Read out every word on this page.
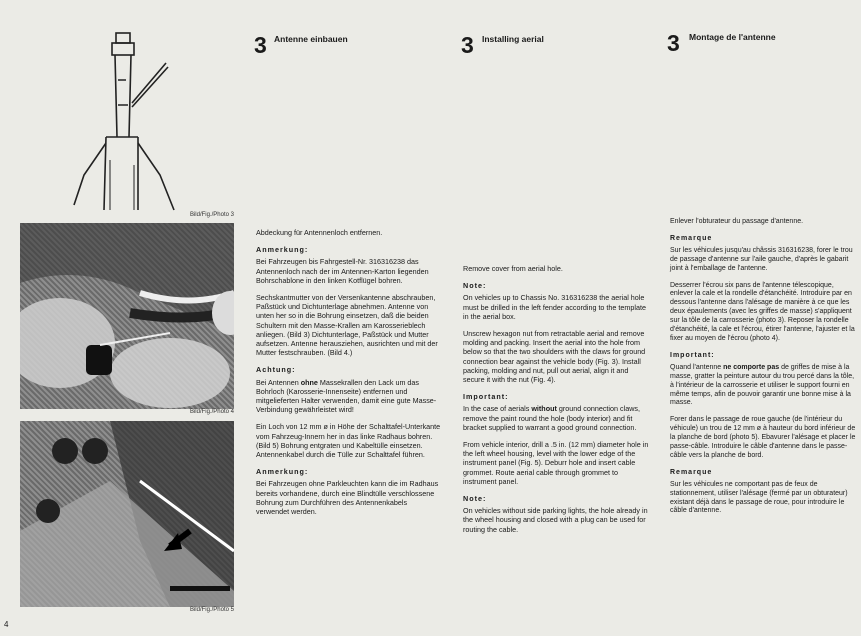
Bild/Fig./Photo 3
Bild/Fig./Photo 4
Bild/Fig./Photo 5
4
3 Antenne einbauen

Abdeckung für Antennenloch entfernen.

Anmerkung:

Bei Fahrzeugen bis Fahrgestell-Nr. 316316238 das Antennenloch nach der im Antennen-Karton liegenden Bohrschablone in den linken Kotflügel bohren.

Sechskantmutter von der Versenkantenne abschrauben, Paßstück und Dichtunterlage abnehmen. Antenne von unten her so in die Bohrung einsetzen, daß die beiden Schultern mit den Masse-Krallen am Karosserieblech anliegen. (Bild 3) Dichtunterlage, Paßstück und Mutter aufsetzen. Antenne herausziehen, ausrichten und mit der Mutter festschrauben. (Bild 4.)

Achtung:

Bei Antennen ohne Massekrallen den Lack um das Bohrloch (Karosserie-Innenseite) entfernen und mitgelieferten Halter verwenden, damit eine gute Masse-Verbindung gewährleistet wird!

Ein Loch von 12 mm ø in Höhe der Schalttafel-Unterkante vom Fahrzeug-Innern her in das linke Radhaus bohren. (Bild 5) Bohrung entgraten und Kabeltülle einsetzen. Antennenkabel durch die Tülle zur Schalttafel führen.

Anmerkung:

Bei Fahrzeugen ohne Parkleuchten kann die im Radhaus bereits vorhandene, durch eine Blindtülle verschlossene Bohrung zum Durchführen des Antennenkabels verwendet werden.

3 Installing aerial

Remove cover from aerial hole.

Note:

On vehicles up to Chassis No. 316316238 the aerial hole must be drilled in the left fender according to the template in the aerial box.

Unscrew hexagon nut from retractable aerial and remove molding and packing. Insert the aerial into the hole from below so that the two shoulders with the claws for ground connection bear against the vehicle body (Fig. 3). Install packing, molding and nut, pull out aerial, align it and secure it with the nut (Fig. 4).

Important:

In the case of aerials without ground connection claws, remove the paint round the hole (body interior) and fit bracket supplied to warrant a good ground connection.

From vehicle interior, drill a .5 in. (12 mm) diameter hole in the left wheel housing, level with the lower edge of the instrument panel (Fig. 5). Deburr hole and insert cable grommet. Route aerial cable through grommet to instrument panel.

Note:

On vehicles without side parking lights, the hole already in the wheel housing and closed with a plug can be used for routing the cable.

3 Montage de l'antenne

Enlever l'obturateur du passage d'antenne.

Remarque

Sur les véhicules jusqu'au châssis 316316238, forer le trou de passage d'antenne sur l'aile gauche, d'après le gabarit joint à l'emballage de l'antenne.

Desserrer l'écrou six pans de l'antenne télescopique, enlever la cale et la rondelle d'étanchéité. Introduire par en dessous l'antenne dans l'alésage de manière à ce que les deux épaulements (avec les griffes de masse) s'appliquent sur la tôle de la carrosserie (photo 3). Reposer la rondelle d'étanchéité, la cale et l'écrou, étirer l'antenne, l'ajuster et la fixer au moyen de l'écrou (photo 4).

Important:

Quand l'antenne ne comporte pas de griffes de mise à la masse, gratter la peinture autour du trou percé dans la tôle, à l'intérieur de la carrosserie et utiliser le support fourni en même temps, afin de pouvoir garantir une bonne mise à la masse.

Forer dans le passage de roue gauche (de l'intérieur du véhicule) un trou de 12 mm ø à hauteur du bord inférieur de la planche de bord (photo 5). Ebavurer l'alésage et placer le passe-câble. Introduire le câble d'antenne dans le passe-câble vers la planche de bord.

Remarque

Sur les véhicules ne comportant pas de feux de stationnement, utiliser l'alésage (fermé par un obturateur) existant déjà dans le passage de roue, pour introduire le câble d'antenne.
